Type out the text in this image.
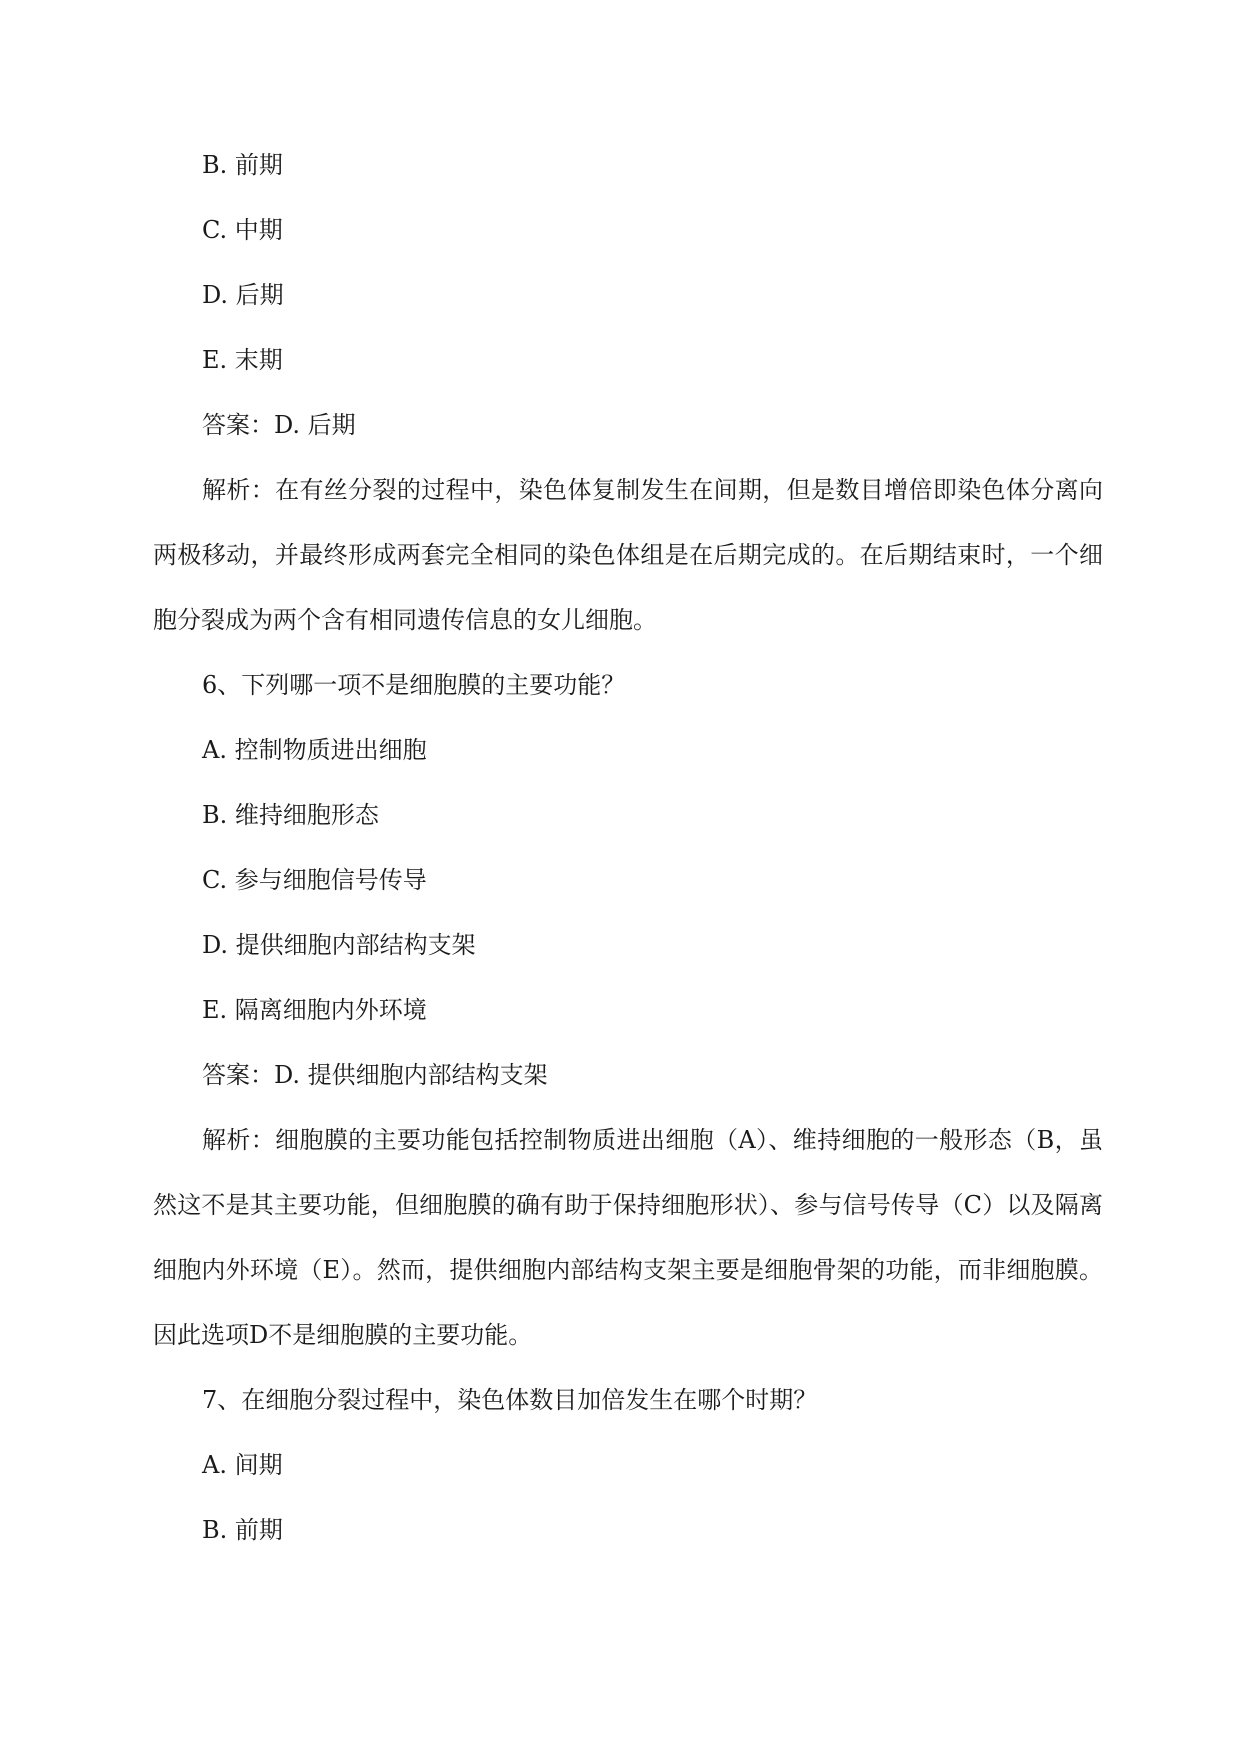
B. 前期
C. 中期
D. 后期
E. 末期
答案：D. 后期
解析：在有丝分裂的过程中，染色体复制发生在间期，但是数目增倍即染色体分离向两极移动，并最终形成两套完全相同的染色体组是在后期完成的。在后期结束时，一个细胞分裂成为两个含有相同遗传信息的女儿细胞。
6、下列哪一项不是细胞膜的主要功能？
A. 控制物质进出细胞
B. 维持细胞形态
C. 参与细胞信号传导
D. 提供细胞内部结构支架
E. 隔离细胞内外环境
答案：D. 提供细胞内部结构支架
解析：细胞膜的主要功能包括控制物质进出细胞（A）、维持细胞的一般形态（B，虽然这不是其主要功能，但细胞膜的确有助于保持细胞形状）、参与信号传导（C）以及隔离细胞内外环境（E）。然而，提供细胞内部结构支架主要是细胞骨架的功能，而非细胞膜。因此选项D不是细胞膜的主要功能。
7、在细胞分裂过程中，染色体数目加倍发生在哪个时期？
A. 间期
B. 前期
